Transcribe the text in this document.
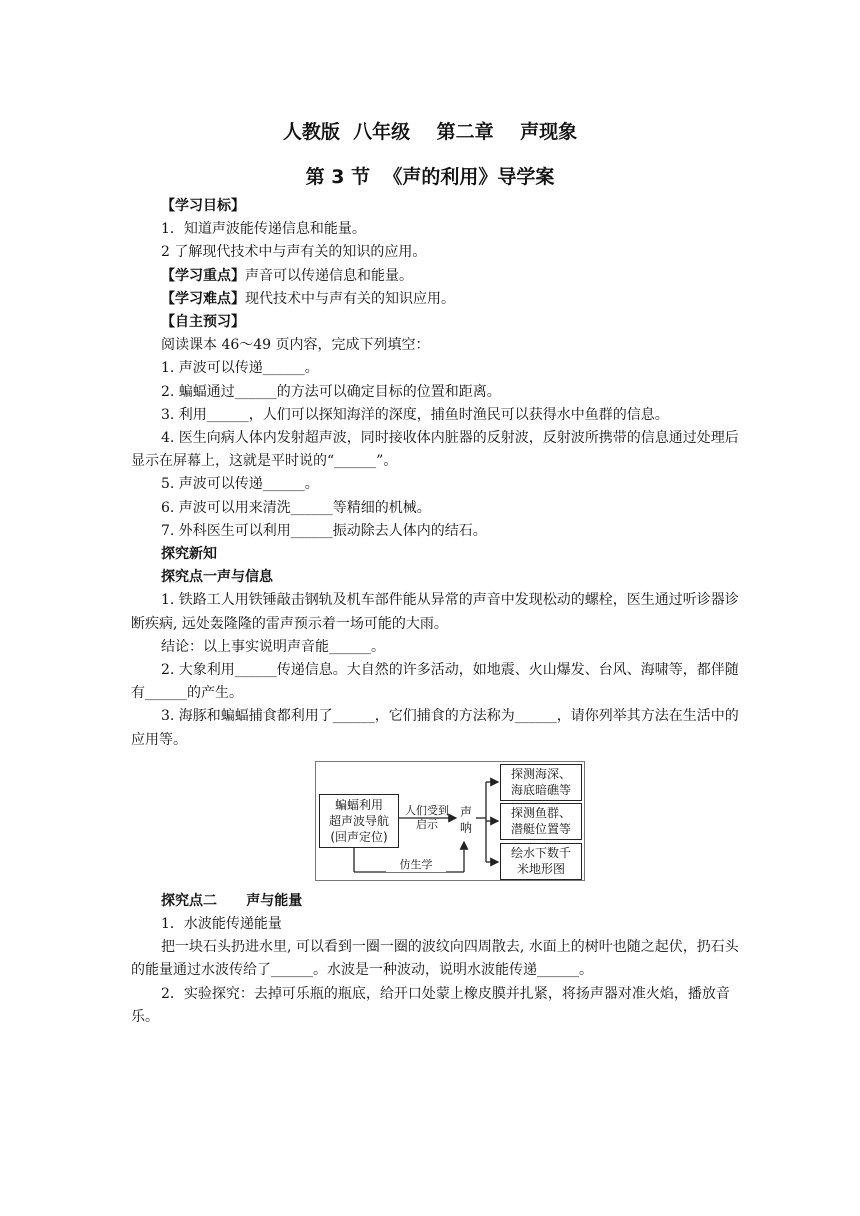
人教版  八年级    第二章    声现象
第 3 节  《声的利用》导学案

【学习目标】

1．知道声波能传递信息和能量。

2 了解现代技术中与声有关的知识的应用。

【学习重点】声音可以传递信息和能量。

【学习难点】现代技术中与声有关的知识应用。

【自主预习】

阅读课本 46～49 页内容，完成下列填空：

1. 声波可以传递______。

2. 蝙蝠通过______的方法可以确定目标的位置和距离。

3. 利用______，人们可以探知海洋的深度，捕鱼时渔民可以获得水中鱼群的信息。

4. 医生向病人体内发射超声波，同时接收体内脏器的反射波，反射波所携带的信息通过处理后显示在屏幕上，这就是平时说的“______”。

5. 声波可以传递______。

6. 声波可以用来清洗______等精细的机械。

7. 外科医生可以利用______振动除去人体内的结石。

探究新知

探究点一声与信息

1. 铁路工人用铁锤敲击钢轨及机车部件能从异常的声音中发现松动的螺栓，医生通过听诊器诊断疾病, 远处轰隆隆的雷声预示着一场可能的大雨。

结论：以上事实说明声音能______。

2. 大象利用______传递信息。大自然的许多活动，如地震、火山爆发、台风、海啸等，都伴随有______的产生。

3. 海豚和蝙蝠捕食都利用了______，它们捕食的方法称为______，请你列举其方法在生活中的应用等。

蝙蝠利用
超声波导航
(回声定位)
人们受到
启示
声
呐
探测海深、
海底暗礁等
探测鱼群、
潜艇位置等
绘水下数千
米地形图
仿生学

探究点二      声与能量

1．水波能传递能量

把一块石头扔进水里, 可以看到一圈一圈的波纹向四周散去, 水面上的树叶也随之起伏，扔石头的能量通过水波传给了______。水波是一种波动，说明水波能传递______。

2．实验探究：去掉可乐瓶的瓶底，给开口处蒙上橡皮膜并扎紧，将扬声器对准火焰，播放音乐。
